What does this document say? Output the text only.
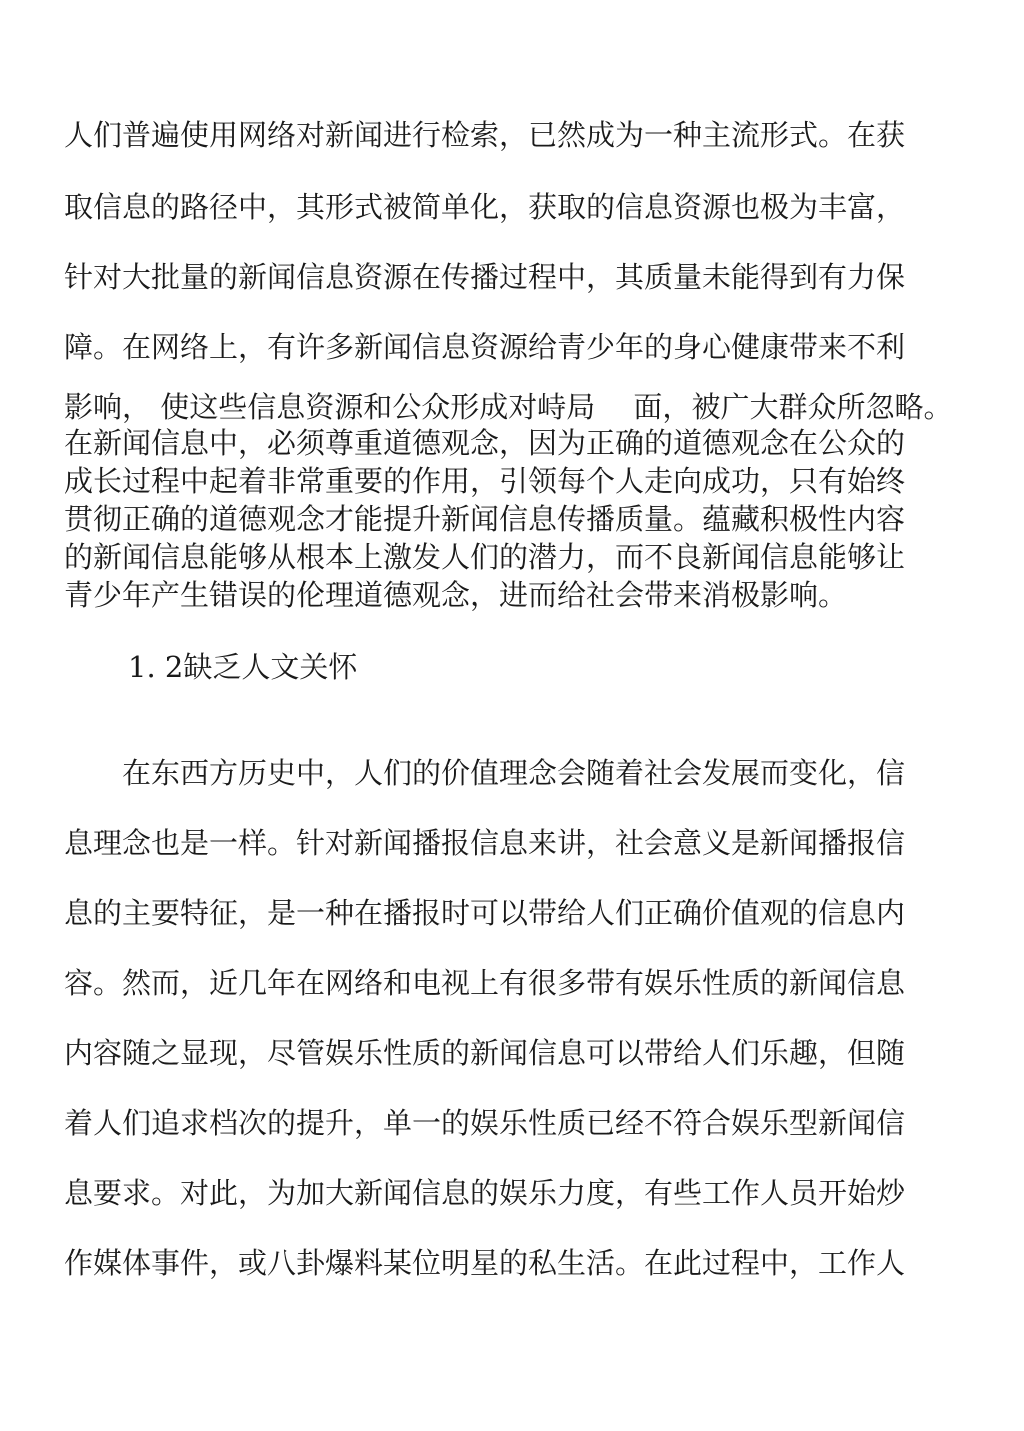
人们普遍使用网络对新闻进行检索，已然成为一种主流形式。在获
取信息的路径中，其形式被简单化，获取的信息资源也极为丰富，
针对大批量的新闻信息资源在传播过程中，其质量未能得到有力保
障。在网络上，有许多新闻信息资源给青少年的身心健康带来不利
影响， 使这些信息资源和公众形成对峙局　 面，被广大群众所忽略。
在新闻信息中，必须尊重道德观念，因为正确的道德观念在公众的
成长过程中起着非常重要的作用，引领每个人走向成功，只有始终
贯彻正确的道德观念才能提升新闻信息传播质量。蕴藏积极性内容
的新闻信息能够从根本上激发人们的潜力，而不良新闻信息能够让
青少年产生错误的伦理道德观念，进而给社会带来消极影响。
1. 2缺乏人文关怀
　　在东西方历史中，人们的价值理念会随着社会发展而变化，信
息理念也是一样。针对新闻播报信息来讲，社会意义是新闻播报信
息的主要特征，是一种在播报时可以带给人们正确价值观的信息内
容。然而，近几年在网络和电视上有很多带有娱乐性质的新闻信息
内容随之显现，尽管娱乐性质的新闻信息可以带给人们乐趣，但随
着人们追求档次的提升，单一的娱乐性质已经不符合娱乐型新闻信
息要求。对此，为加大新闻信息的娱乐力度，有些工作人员开始炒
作媒体事件，或八卦爆料某位明星的私生活。在此过程中，工作人
